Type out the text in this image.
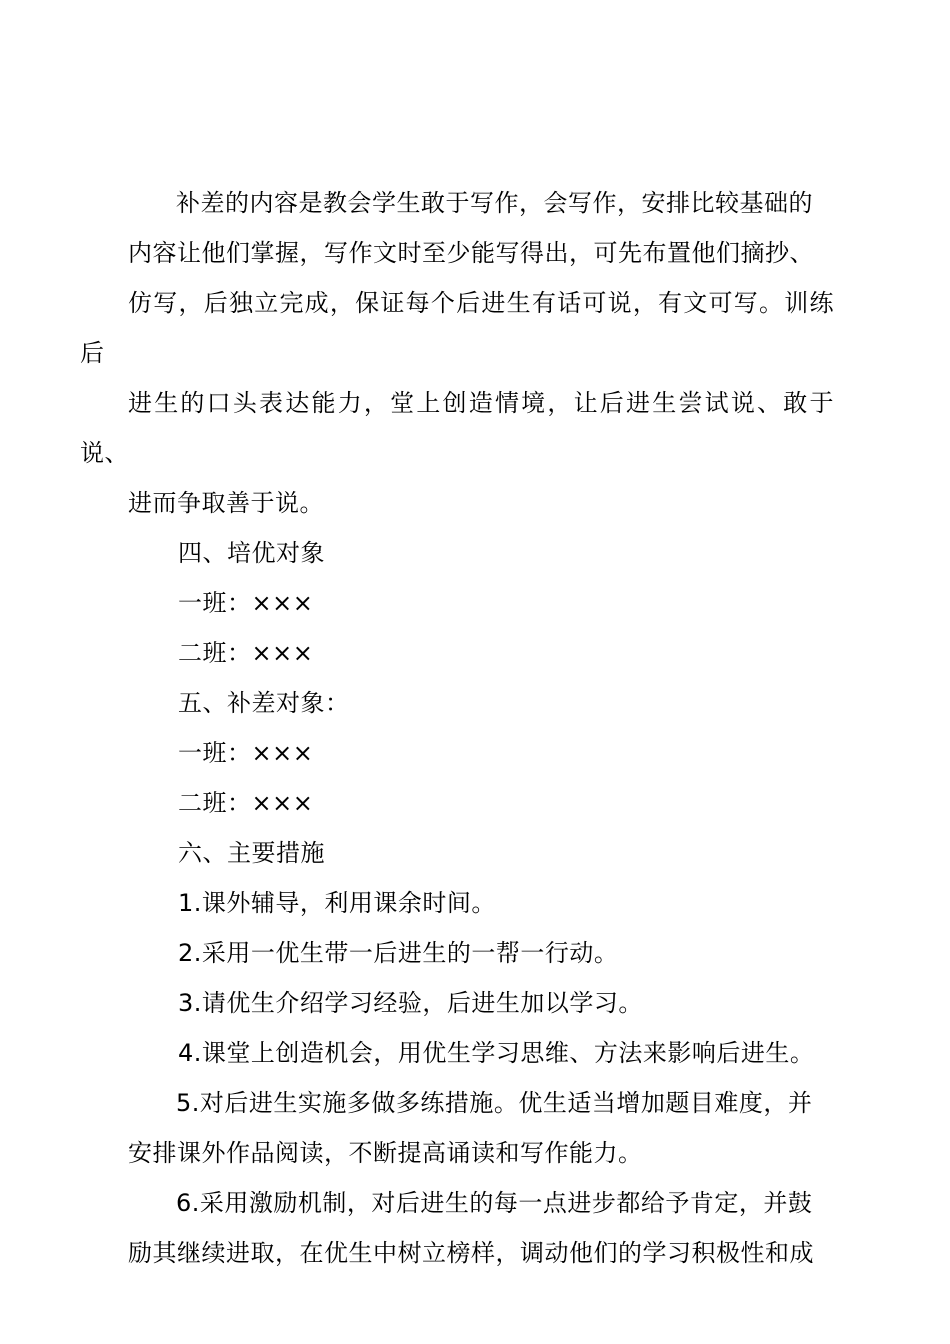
补差的内容是教会学生敢于写作，会写作，安排比较基础的
内容让他们掌握，写作文时至少能写得出，可先布置他们摘抄、
仿写，后独立完成，保证每个后进生有话可说，有文可写。训练后
进生的口头表达能力，堂上创造情境，让后进生尝试说、敢于说、
进而争取善于说。

四、培优对象

一班：×××

二班：×××

五、补差对象：

一班：×××

二班：×××

六、主要措施

1.课外辅导，利用课余时间。

2.采用一优生带一后进生的一帮一行动。

3.请优生介绍学习经验，后进生加以学习。

4.课堂上创造机会，用优生学习思维、方法来影响后进生。

5.对后进生实施多做多练措施。优生适当增加题目难度，并
安排课外作品阅读，不断提高诵读和写作能力。

6.采用激励机制，对后进生的每一点进步都给予肯定，并鼓
励其继续进取，在优生中树立榜样，调动他们的学习积极性和成
